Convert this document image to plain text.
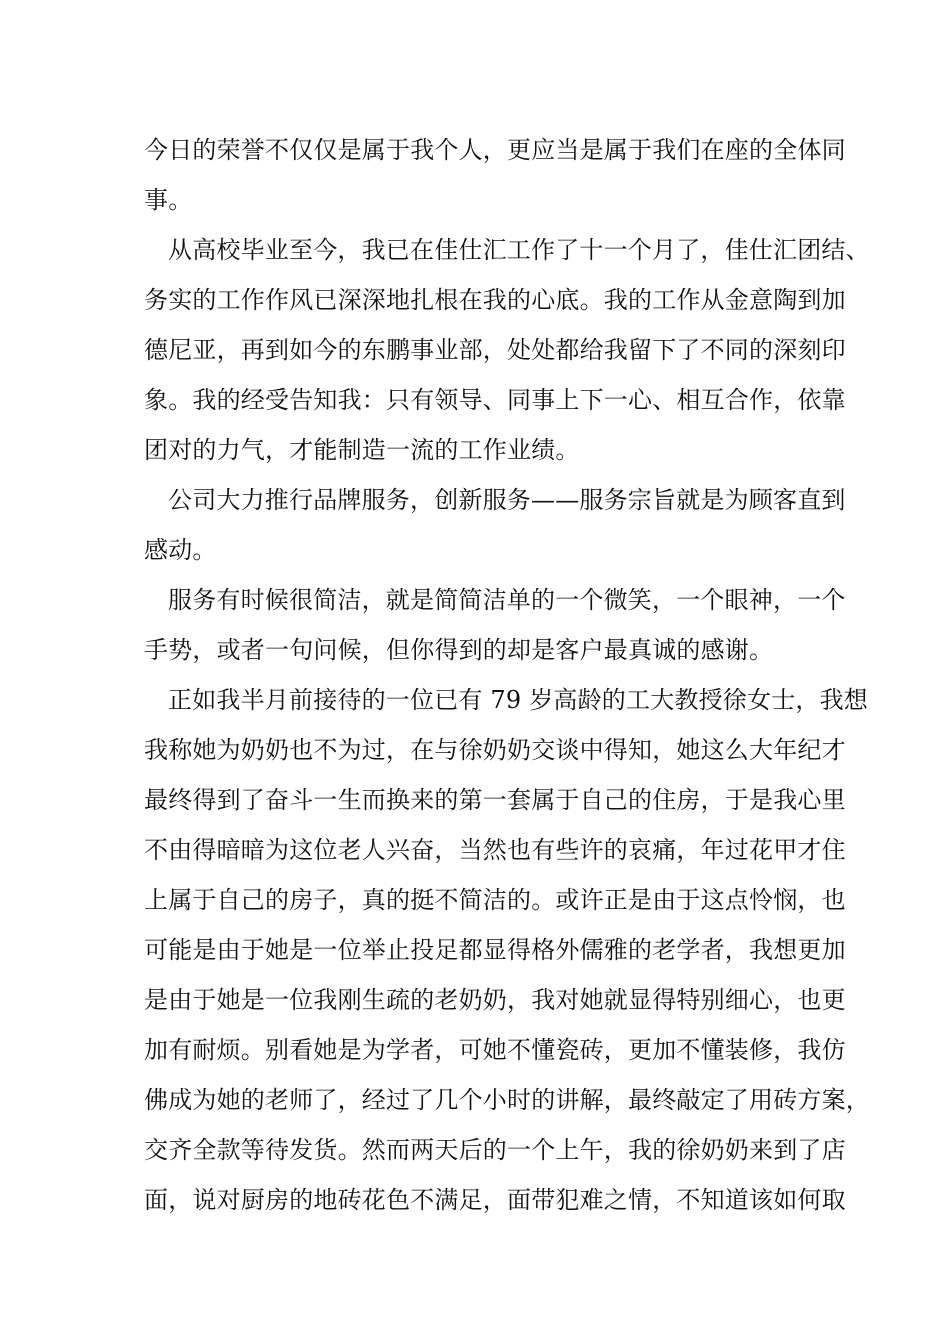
今日的荣誉不仅仅是属于我个人，更应当是属于我们在座的全体同
事。
从高校毕业至今，我已在佳仕汇工作了十一个月了，佳仕汇团结、
务实的工作作风已深深地扎根在我的心底。我的工作从金意陶到加
德尼亚，再到如今的东鹏事业部，处处都给我留下了不同的深刻印
象。我的经受告知我：只有领导、同事上下一心、相互合作，依靠
团对的力气，才能制造一流的工作业绩。
公司大力推行品牌服务，创新服务——服务宗旨就是为顾客直到
感动。
服务有时候很简洁，就是简简洁单的一个微笑，一个眼神，一个
手势，或者一句问候，但你得到的却是客户最真诚的感谢。
正如我半月前接待的一位已有 79 岁高龄的工大教授徐女士，我想
我称她为奶奶也不为过，在与徐奶奶交谈中得知，她这么大年纪才
最终得到了奋斗一生而换来的第一套属于自己的住房，于是我心里
不由得暗暗为这位老人兴奋，当然也有些许的哀痛，年过花甲才住
上属于自己的房子，真的挺不简洁的。或许正是由于这点怜悯，也
可能是由于她是一位举止投足都显得格外儒雅的老学者，我想更加
是由于她是一位我刚生疏的老奶奶，我对她就显得特别细心，也更
加有耐烦。别看她是为学者，可她不懂瓷砖，更加不懂装修，我仿
佛成为她的老师了，经过了几个小时的讲解，最终敲定了用砖方案，
交齐全款等待发货。然而两天后的一个上午，我的徐奶奶来到了店
面，说对厨房的地砖花色不满足，面带犯难之情，不知道该如何取
